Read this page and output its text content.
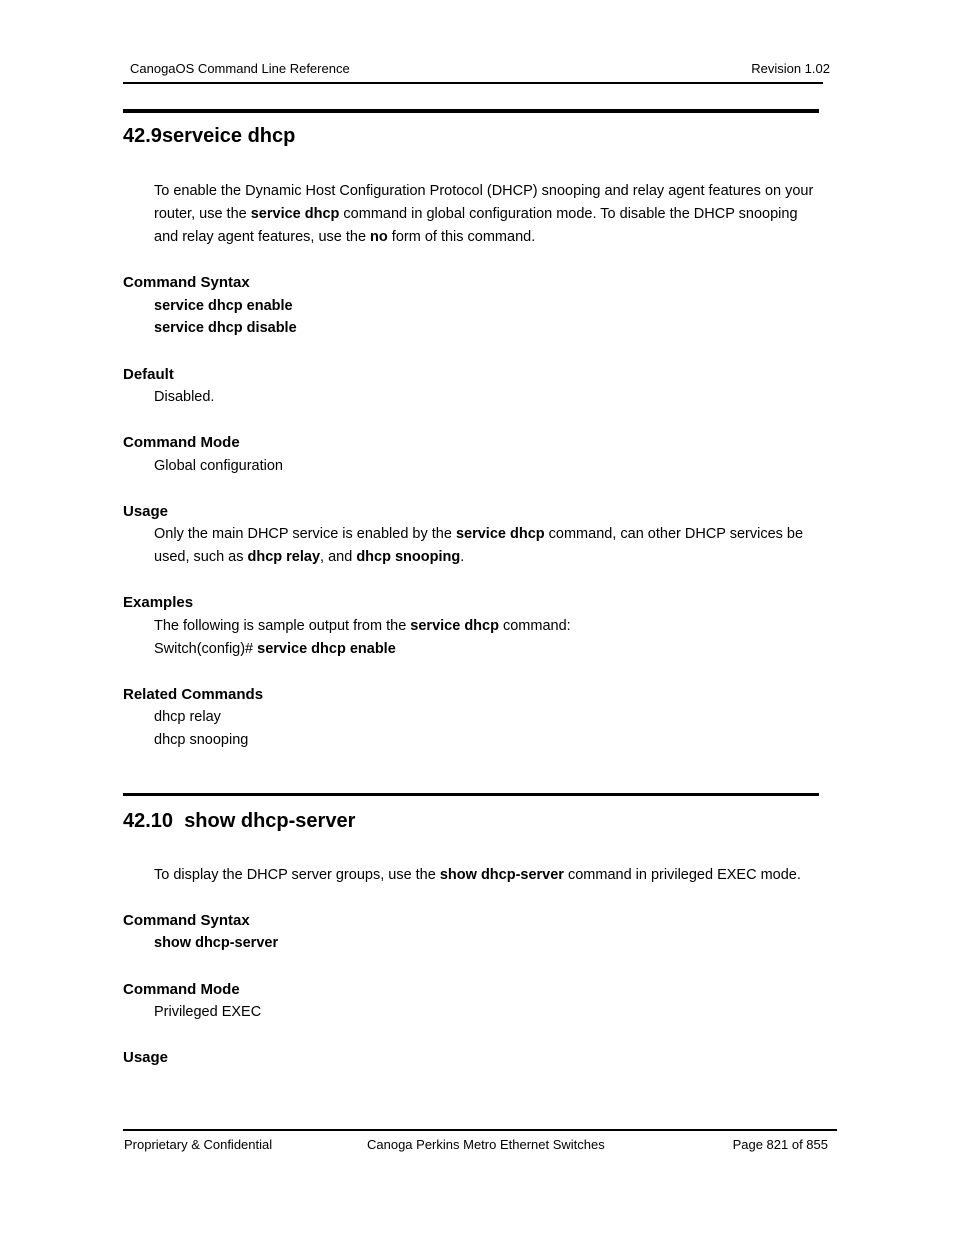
CanogaOS Command Line Reference	Revision 1.02
42.9serveice dhcp
To enable the Dynamic Host Configuration Protocol (DHCP) snooping and relay agent features on your
router, use the service dhcp command in global configuration mode. To disable the DHCP snooping
and relay agent features, use the no form of this command.
Command Syntax
service dhcp enable
service dhcp disable
Default
Disabled.
Command Mode
Global configuration
Usage
Only the main DHCP service is enabled by the service dhcp command, can other DHCP services be
used, such as dhcp relay, and dhcp snooping.
Examples
The following is sample output from the service dhcp command:
Switch(config)# service dhcp enable
Related Commands
dhcp relay
dhcp snooping
42.10 show dhcp-server
To display the DHCP server groups, use the show dhcp-server command in privileged EXEC mode.
Command Syntax
show dhcp-server
Command Mode
Privileged EXEC
Usage
Proprietary & Confidential	Canoga Perkins Metro Ethernet Switches	Page 821 of 855
